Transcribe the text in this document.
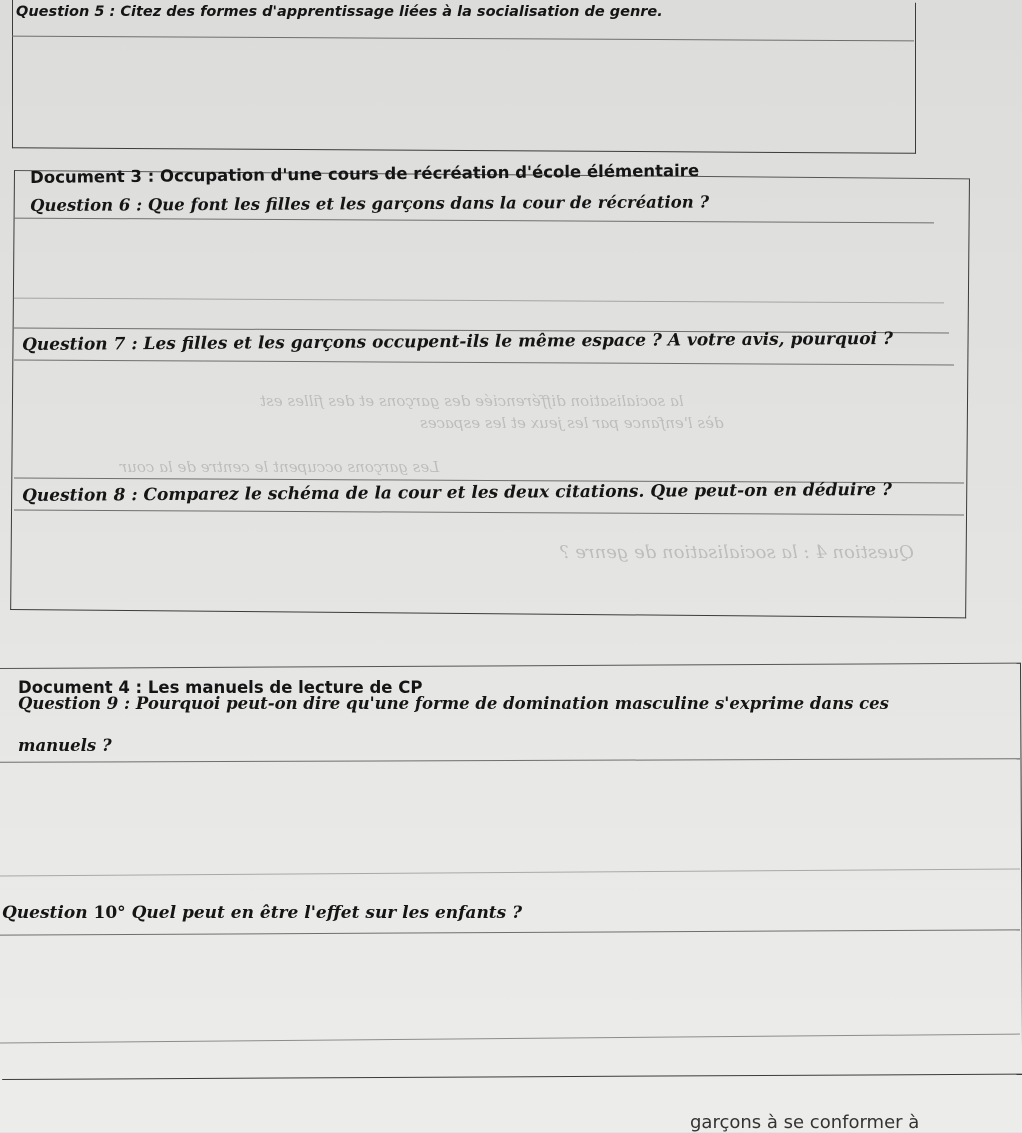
Question 5 : Citez des formes d'apprentissage liées à la socialisation de genre.
Document 3 : Occupation d'une cours de récréation d'école élémentaire
Question 6 : Que font les filles et les garçons dans la cour de récréation ?
Question 7 : Les filles et les garçons occupent-ils le même espace ? A votre avis, pourquoi ?
la socialisation différenciée des garçons et des filles est
dès l'enfance par les jeux et les espaces
Les garçons occupent le centre de la cour
Question 8 : Comparez le schéma de la cour et les deux citations. Que peut-on en déduire ?
Question 4 : la socialisation de genre ?
Document 4 : Les manuels de lecture de CP
Question 9 : Pourquoi peut-on dire qu'une forme de domination masculine s'exprime dans ces
manuels ?
Question 10° Quel peut en être l'effet sur les enfants ?
garçons à se conformer à
